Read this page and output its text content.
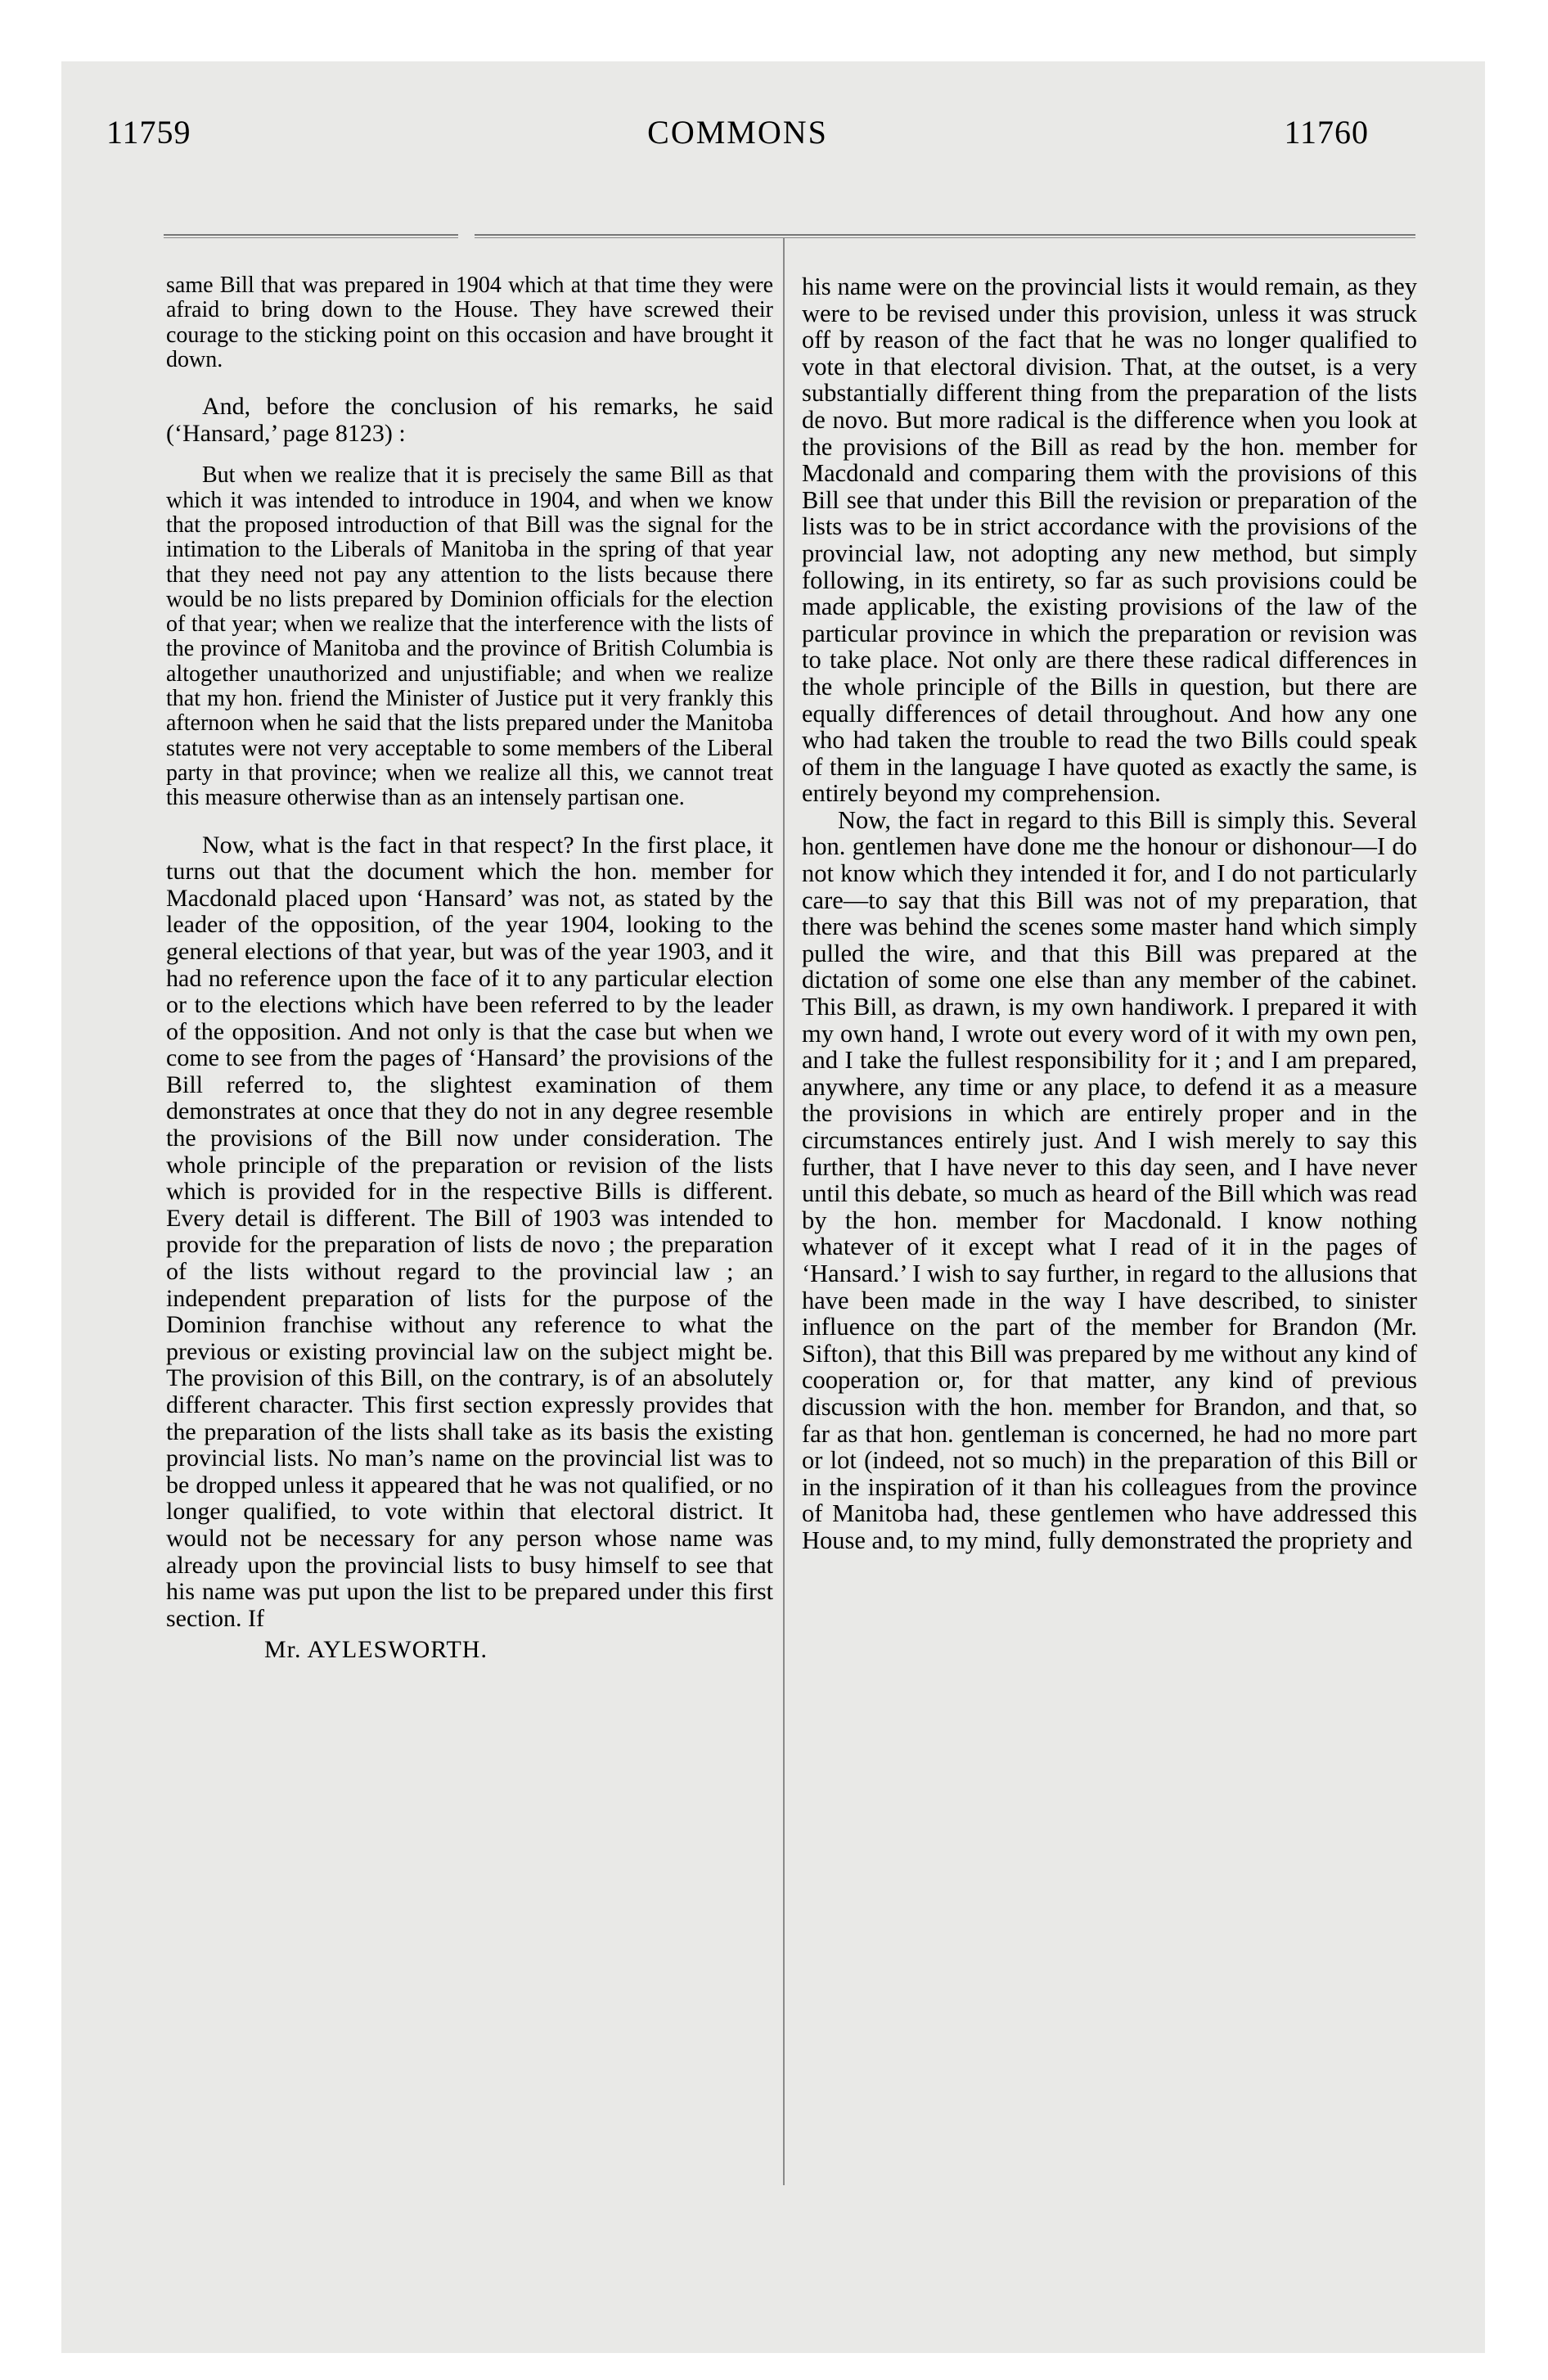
11759	COMMONS	11760

same Bill that was prepared in 1904 which at that time they were afraid to bring down to the House. They have screwed their courage to the sticking point on this occasion and have brought it down.

And, before the conclusion of his remarks, he said (‘Hansard,’ page 8123) :

But when we realize that it is precisely the same Bill as that which it was intended to introduce in 1904, and when we know that the proposed introduction of that Bill was the signal for the intimation to the Liberals of Manitoba in the spring of that year that they need not pay any attention to the lists because there would be no lists prepared by Dominion officials for the election of that year; when we realize that the interference with the lists of the province of Manitoba and the province of British Columbia is altogether unauthorized and unjustifiable; and when we realize that my hon. friend the Minister of Justice put it very frankly this afternoon when he said that the lists prepared under the Manitoba statutes were not very acceptable to some members of the Liberal party in that province; when we realize all this, we cannot treat this measure otherwise than as an intensely partisan one.

Now, what is the fact in that respect? In the first place, it turns out that the document which the hon. member for Macdonald placed upon ‘Hansard’ was not, as stated by the leader of the opposition, of the year 1904, looking to the general elections of that year, but was of the year 1903, and it had no reference upon the face of it to any particular election or to the elections which have been referred to by the leader of the opposition. And not only is that the case but when we come to see from the pages of ‘Hansard’ the provisions of the Bill referred to, the slightest examination of them demonstrates at once that they do not in any degree resemble the provisions of the Bill now under consideration. The whole principle of the preparation or revision of the lists which is provided for in the respective Bills is different. Every detail is different. The Bill of 1903 was intended to provide for the preparation of lists de novo ; the preparation of the lists without regard to the provincial law ; an independent preparation of lists for the purpose of the Dominion franchise without any reference to what the previous or existing provincial law on the subject might be. The provision of this Bill, on the contrary, is of an absolutely different character. This first section expressly provides that the preparation of the lists shall take as its basis the existing provincial lists. No man’s name on the provincial list was to be dropped unless it appeared that he was not qualified, or no longer qualified, to vote within that electoral district. It would not be necessary for any person whose name was already upon the provincial lists to busy himself to see that his name was put upon the list to be prepared under this first section. If

Mr. AYLESWORTH.

his name were on the provincial lists it would remain, as they were to be revised under this provision, unless it was struck off by reason of the fact that he was no longer qualified to vote in that electoral division. That, at the outset, is a very substantially different thing from the preparation of the lists de novo. But more radical is the difference when you look at the provisions of the Bill as read by the hon. member for Macdonald and comparing them with the provisions of this Bill see that under this Bill the revision or preparation of the lists was to be in strict accordance with the provisions of the provincial law, not adopting any new method, but simply following, in its entirety, so far as such provisions could be made applicable, the existing provisions of the law of the particular province in which the preparation or revision was to take place. Not only are there these radical differences in the whole principle of the Bills in question, but there are equally differences of detail throughout. And how any one who had taken the trouble to read the two Bills could speak of them in the language I have quoted as exactly the same, is entirely beyond my comprehension.

Now, the fact in regard to this Bill is simply this. Several hon. gentlemen have done me the honour or dishonour—I do not know which they intended it for, and I do not particularly care—to say that this Bill was not of my preparation, that there was behind the scenes some master hand which simply pulled the wire, and that this Bill was prepared at the dictation of some one else than any member of the cabinet. This Bill, as drawn, is my own handiwork. I prepared it with my own hand, I wrote out every word of it with my own pen, and I take the fullest responsibility for it ; and I am prepared, anywhere, any time or any place, to defend it as a measure the provisions in which are entirely proper and in the circumstances entirely just. And I wish merely to say this further, that I have never to this day seen, and I have never until this debate, so much as heard of the Bill which was read by the hon. member for Macdonald. I know nothing whatever of it except what I read of it in the pages of ‘Hansard.’ I wish to say further, in regard to the allusions that have been made in the way I have described, to sinister influence on the part of the member for Brandon (Mr. Sifton), that this Bill was prepared by me without any kind of cooperation or, for that matter, any kind of previous discussion with the hon. member for Brandon, and that, so far as that hon. gentleman is concerned, he had no more part or lot (indeed, not so much) in the preparation of this Bill or in the inspiration of it than his colleagues from the province of Manitoba had, these gentlemen who have addressed this House and, to my mind, fully demonstrated the propriety and
